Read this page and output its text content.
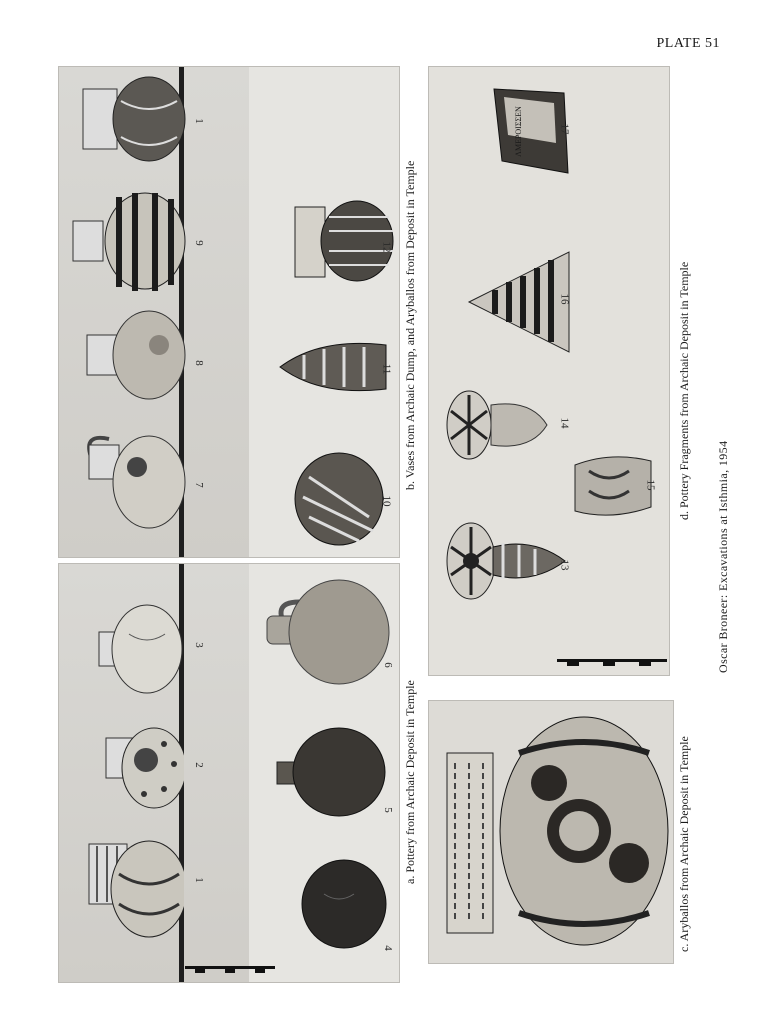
PLATE 51
1
2
3
4
5
6
1
7
8
9
10
11
12
a. Pottery from Archaic Deposit in Temple
b. Vases from Archaic Dump, and Aryballos from Deposit in Temple
ΛΜΕΡΟΙΣΣΕΝ
13
14
15
16
17
c. Aryballos from Archaic Deposit in Temple
d. Pottery Fragments from Archaic Deposit in Temple
Oscar Broneer: Excavations at Isthmia, 1954
